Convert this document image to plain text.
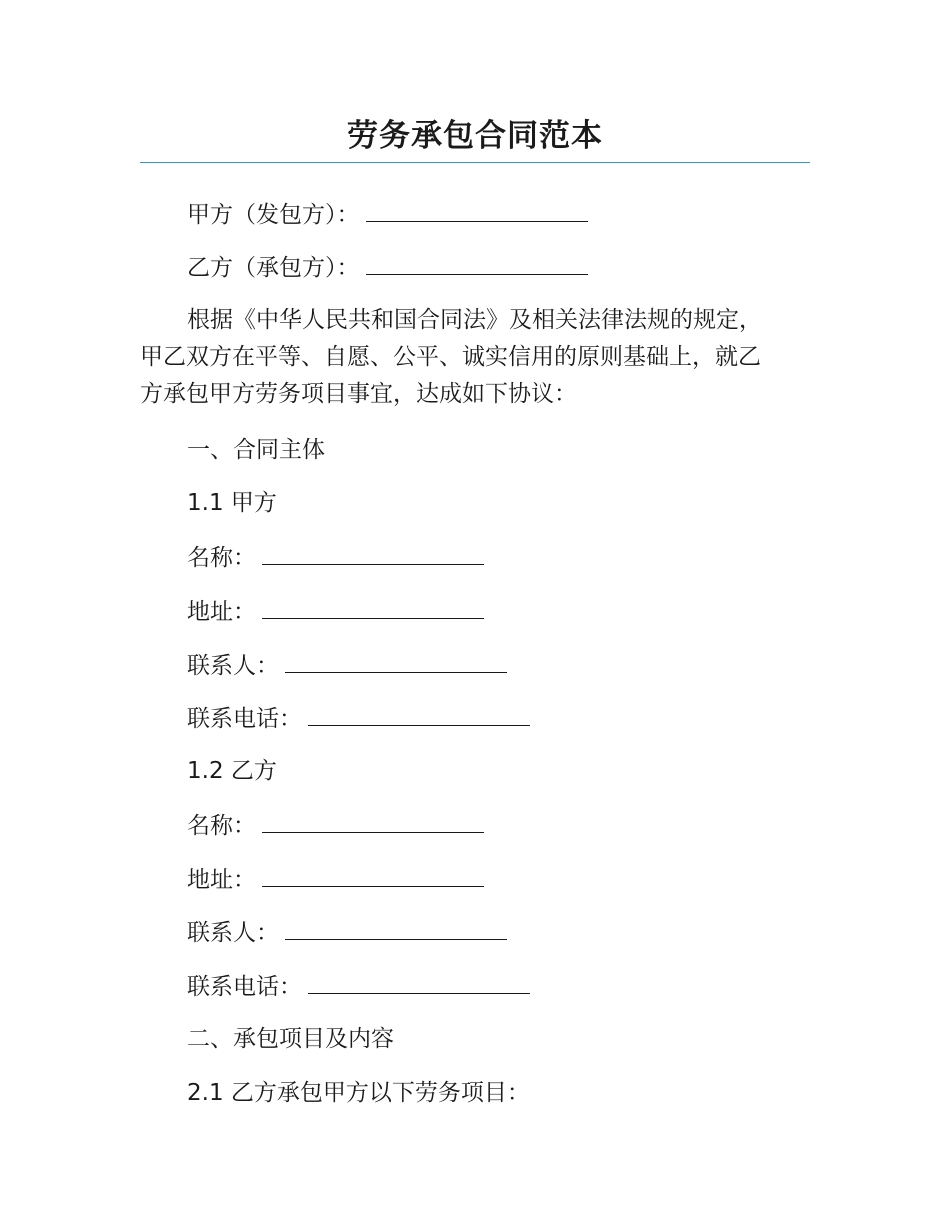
劳务承包合同范本
甲方（发包方）：
乙方（承包方）：
根据《中华人民共和国合同法》及相关法律法规的规定，
甲乙双方在平等、自愿、公平、诚实信用的原则基础上，就乙
方承包甲方劳务项目事宜，达成如下协议：
一、合同主体
1.1 甲方
名称：
地址：
联系人：
联系电话：
1.2 乙方
名称：
地址：
联系人：
联系电话：
二、承包项目及内容
2.1 乙方承包甲方以下劳务项目：
